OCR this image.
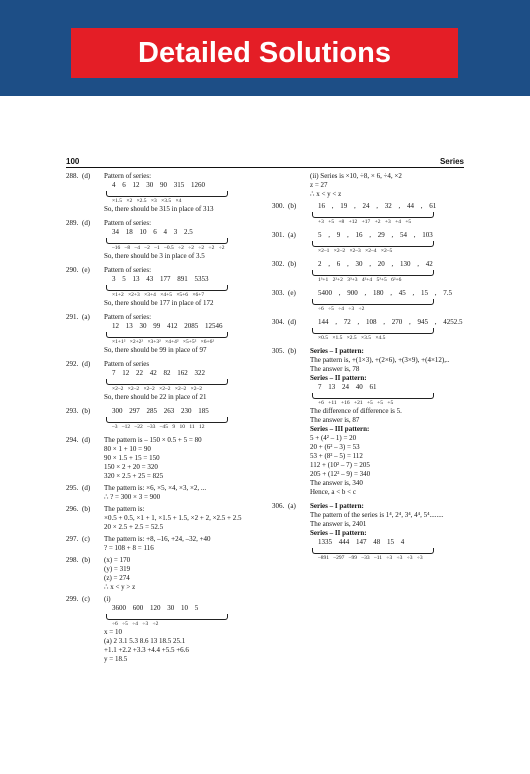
Detailed Solutions
100	Series
288. (d)	Pattern of series:
4 6 12 30 90 315 1260
×1.5 ×2 ×2.5 ×3 ×3.5 ×4
So, there should be 315 in place of 313
289. (d)	Pattern of series:
34 18 10 6 4 3 2.5
–16 –8 –4 –2 –1 –0.5 ÷2 ÷2 ÷2 ÷2 ÷2
So, there should be 3 in place of 3.5
290. (e)	Pattern of series:
3 5 13 43 177 891 5353
×1+2 ×2+3 ×3+4 ×4+5 ×5+6 ×6+7
So, there should be 177 in place of 172
291. (a)	Pattern of series:
12 13 30 99 412 2085 12546
×1+1² ×2+2² ×3+3² ×4+4² ×5+5² ×6+6²
So, there should be 99 in place of 97
292. (d)	Pattern of series
7 12 22 42 82 162 322
×2–2 ×2–2 ×2–2 ×2–2 ×2–2 ×2–2
So, there should be 22 in place of 21
293. (b)	300 297 285 263 230 185
–3 –12 –22 –33 –45 9 10 11 12
294. (d)	The pattern is – 150 × 0.5 + 5 = 80
80 × 1 + 10 = 90
90 × 1.5 + 15 = 150
150 × 2 + 20 = 320
320 × 2.5 + 25 = 825
295. (d)	The pattern is: ×6, ×5, ×4, ×3, ×2, ...
∴ ? = 300 × 3 = 900
296. (b)	The pattern is:
×0.5 + 0.5, ×1 + 1, ×1.5 + 1.5, ×2 + 2, ×2.5 + 2.5
20 × 2.5 + 2.5 = 52.5
297. (c)	The pattern is: +8, –16, +24, –32, +40
? = 108 + 8 = 116
298. (b)	(x) = 170
(y) = 319
(z) = 274
∴ x < y > z
299. (c)	(i)
3600 600 120 30 10 5
÷6 ÷5 ÷4 ÷3 ÷2
x = 10
(a) 2 3.1 5.3 8.6 13 18.5 25.1
+1.1 +2.2 +3.3 +4.4 +5.5 +6.6
y = 18.5
(ii) Series is ×10, ÷8, × 6, ÷4, ×2
z = 27
∴ x < y < z
300. (b)	16 , 19 , 24 , 32 , 44 , 61
+3 +5 +8 +12 +17 +2 +3 +4 +5
301. (a)	5 , 9 , 16 , 29 , 54 , 103
×2–1 ×2–2 ×2–3 ×2–4 ×2–5
302. (b)	2 , 6 , 30 , 20 , 130 , 42
1³+1 2²+2 3³+3 4²+4 5³+5 6²+6
303. (e)	5400 , 900 , 180 , 45 , 15 , 7.5
÷6 ÷5 ÷4 ÷3 ÷2
304. (d)	144 , 72 , 108 , 270 , 945 , 4252.5
×0.5 ×1.5 ×2.5 ×3.5 ×4.5
305. (b)	Series – I pattern:
The pattern is, +(1×3), +(2×6), +(3×9), +(4×12),..
The answer is, 78
Series – II pattern:
7 13 24 40 61
+6 +11 +16 +21 +5 +5 +5
The difference of difference is 5.
The answer is, 87
Series – III pattern:
5 + (4² – 1) = 20
20 + (6² – 3) = 53
53 + (8² – 5) = 112
112 + (10² – 7) = 205
205 + (12² – 9) = 340
The answer is, 340
Hence, a < b < c
306. (a)	Series – I pattern:
The pattern of the series is 1⁴, 2⁴, 3⁴, 4⁴, 5⁴........
The answer is, 2401
Series – II pattern:
1335 444 147 48 15 4
–891 –297 –99 –33 –11 ÷3 ÷3 ÷3 ÷3
